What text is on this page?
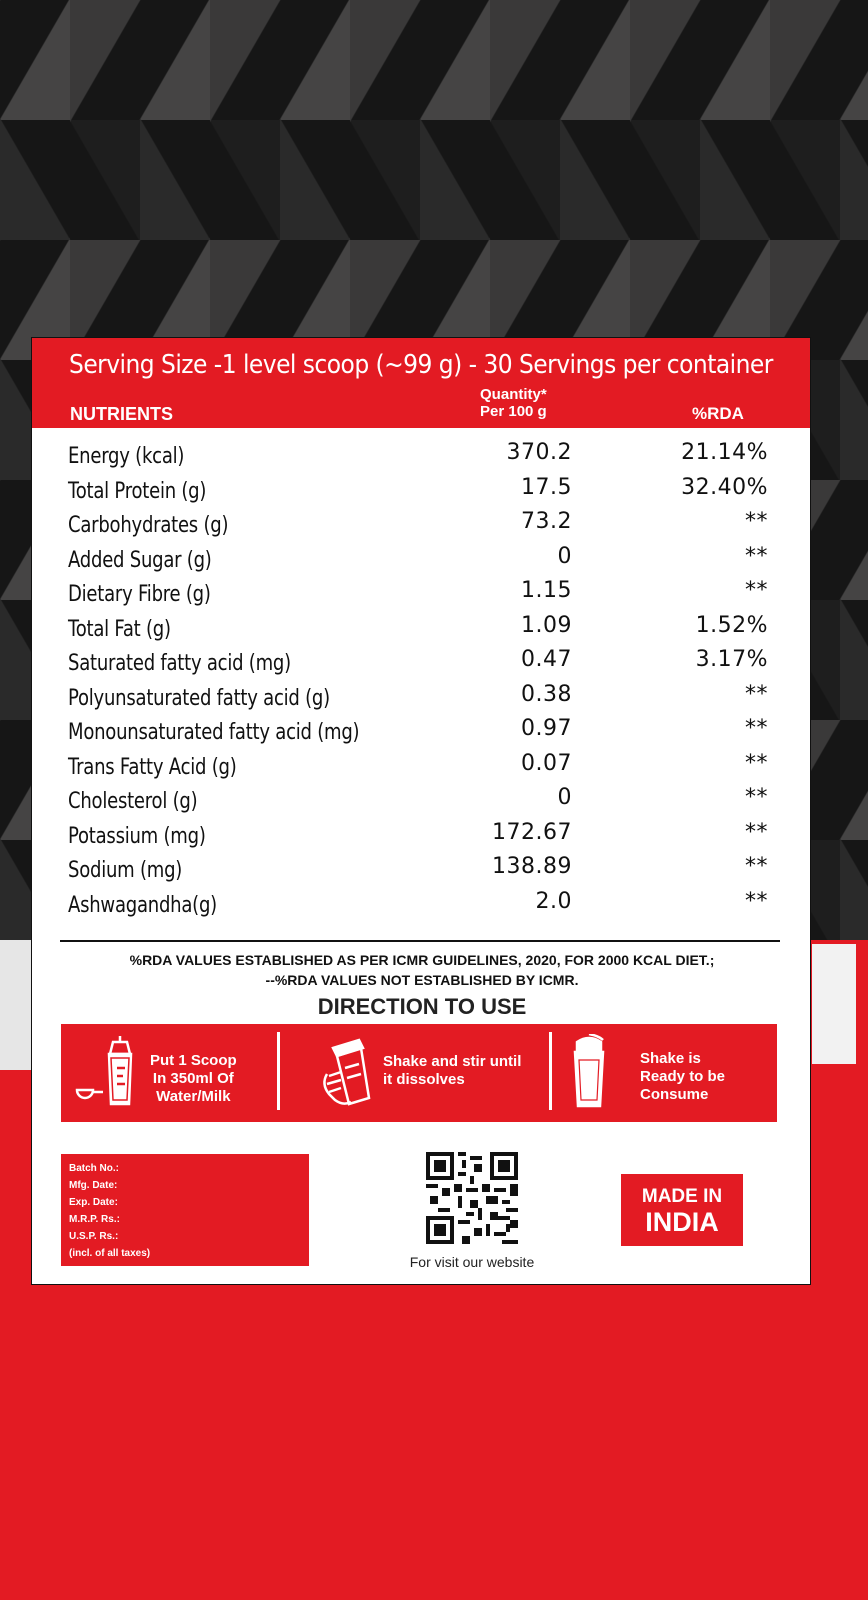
Serving Size -1 level scoop (~99 g) - 30 Servings per container
NUTRIENTS
Quantity*
Per 100 g	%RDA
Energy (kcal)	370.2	21.14%
Total Protein (g)	17.5	32.40%
Carbohydrates (g)	73.2	**
Added Sugar (g)	0	**
Dietary Fibre (g)	1.15	**
Total Fat (g)	1.09	1.52%
Saturated fatty acid (mg)	0.47	3.17%
Polyunsaturated fatty acid (g)	0.38	**
Monounsaturated fatty acid (mg)	0.97	**
Trans Fatty Acid (g)	0.07	**
Cholesterol (g)	0	**
Potassium (mg)	172.67	**
Sodium (mg)	138.89	**
Ashwagandha(g)	2.0	**
%RDA VALUES ESTABLISHED AS PER ICMR GUIDELINES, 2020, FOR 2000 KCAL DIET.;
--%RDA VALUES NOT ESTABLISHED BY ICMR.
DIRECTION TO USE
Put 1 Scoop
In 350ml Of
Water/Milk
Shake and stir until
it dissolves
Shake is
Ready to be
Consume
Batch No.:
Mfg. Date:
Exp. Date:
M.R.P. Rs.:
U.S.P. Rs.:
(incl. of all taxes)
For visit our website
MADE IN
INDIA
